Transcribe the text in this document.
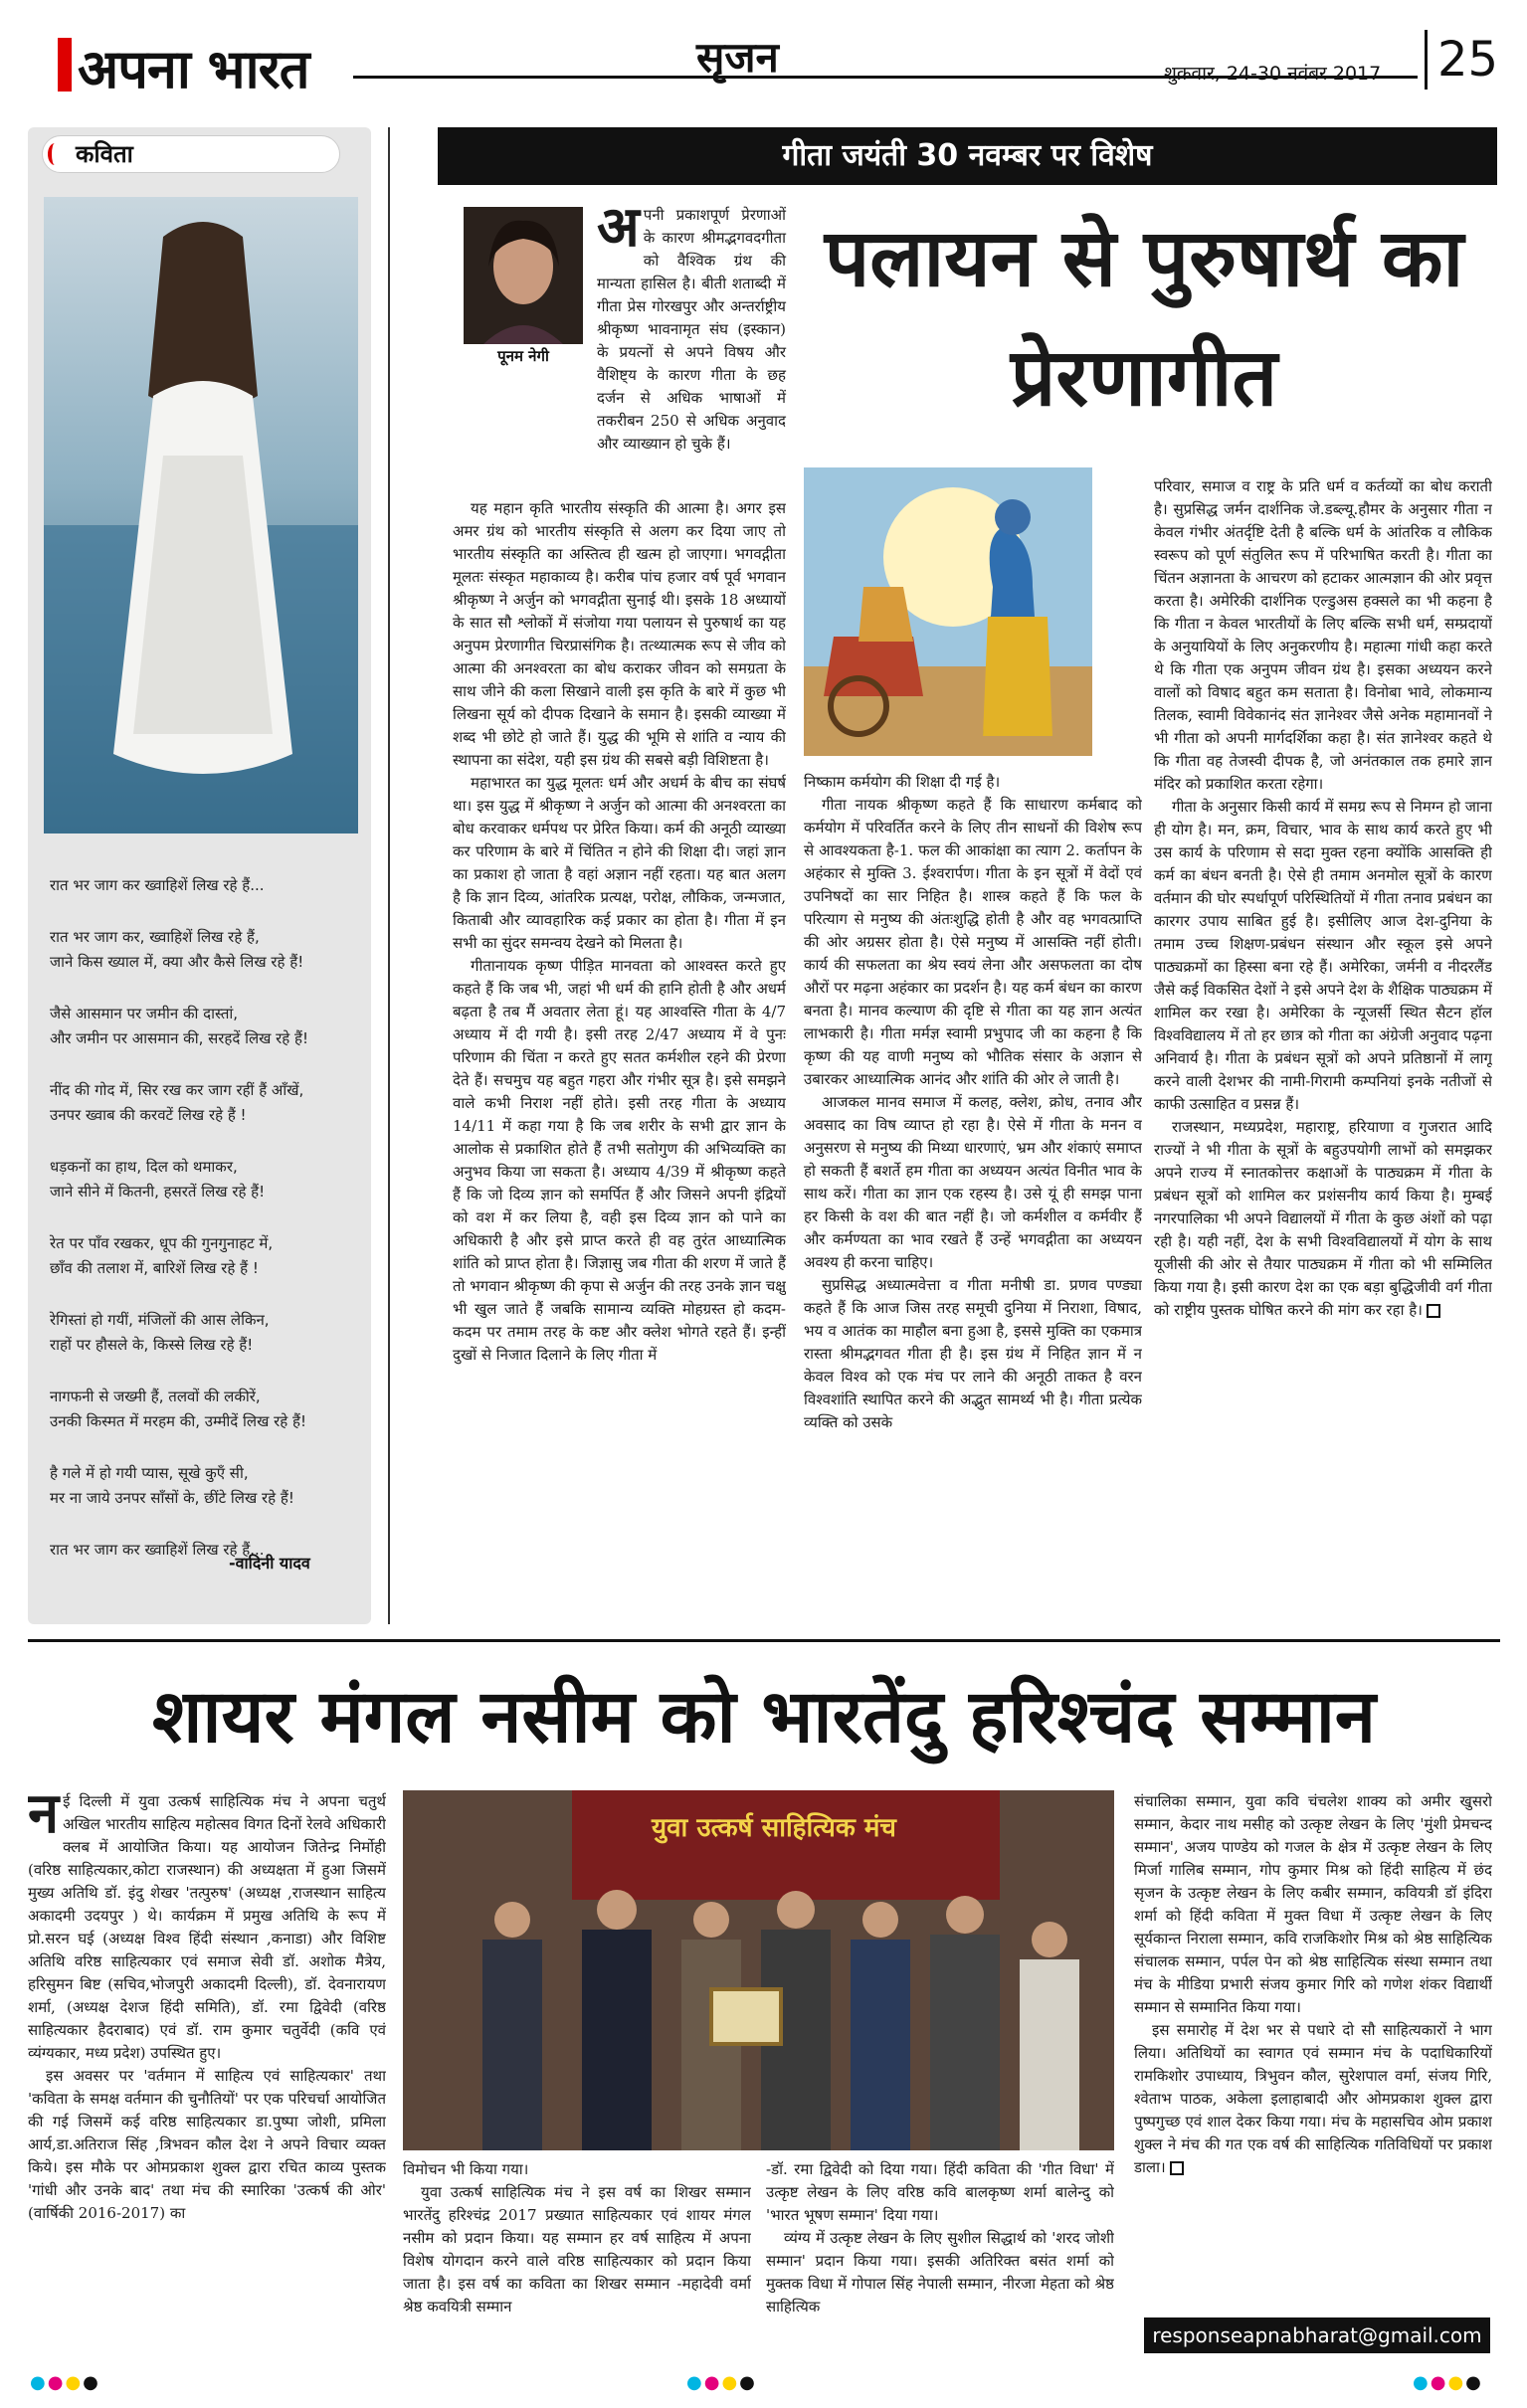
अपना भारत	सृजन	शुक्रवार, 24-30 नवंबर 2017 25
कविता

रात भर जाग कर ख्वाहिशें लिख रहे हैं...

रात भर जाग कर, ख्वाहिशें लिख रहे हैं,
जाने किस ख्याल में, क्या और कैसे लिख रहे हैं!

जैसे आसमान पर जमीन की दास्तां,
और जमीन पर आसमान की, सरहदें लिख रहे हैं!

नींद की गोद में, सिर रख कर जाग रहीं हैं आँखें,
उनपर ख्वाब की करवटें लिख रहे हैं !

धड़कनों का हाथ, दिल को थमाकर,
जाने सीने में कितनी, हसरतें लिख रहे हैं!

रेत पर पाँव रखकर, धूप की गुनगुनाहट में,
छाँव की तलाश में, बारिशें लिख रहे हैं !

रेगिस्तां हो गयीं, मंजिलों की आस लेकिन,
राहों पर हौसले के, किस्से लिख रहे हैं!

नागफनी से जख्मी हैं, तलवों की लकीरें,
उनकी किस्मत में मरहम की, उम्मीदें लिख रहे हैं!

है गले में हो गयी प्यास, सूखे कुएँ सी,
मर ना जाये उनपर साँसों के, छींटे लिख रहे हैं!

रात भर जाग कर ख्वाहिशें लिख रहे हैं...

-वादिनी यादव
गीता जयंती 30 नवम्बर पर विशेष
पूनम नेगी
पलायन से पुरुषार्थ का प्रेरणागीत
अपनी प्रकाशपूर्ण प्रेरणाओं के कारण श्रीमद्भगवदगीता को वैश्विक ग्रंथ की मान्यता हासिल है। बीती शताब्दी में गीता प्रेस गोरखपुर और अन्तर्राष्ट्रीय श्रीकृष्ण भावनामृत संघ (इस्कान) के प्रयत्नों से अपने विषय और वैशिष्ट्य के कारण गीता के छह दर्जन से अधिक भाषाओं में तकरीबन 250 से अधिक अनुवाद और व्याख्यान हो चुके हैं।

यह महान कृति भारतीय संस्कृति की आत्मा है। अगर इस अमर ग्रंथ को भारतीय संस्कृति से अलग कर दिया जाए तो भारतीय संस्कृति का अस्तित्व ही खत्म हो जाएगा। भगवद्गीता मूलतः संस्कृत महाकाव्य है। करीब पांच हजार वर्ष पूर्व भगवान श्रीकृष्ण ने अर्जुन को भगवद्गीता सुनाई थी। इसके 18 अध्यायों के सात सौ श्लोकों में संजोया गया पलायन से पुरुषार्थ का यह अनुपम प्रेरणागीत चिरप्रासंगिक है। तत्थ्यात्मक रूप से जीव को आत्मा की अनश्वरता का बोध कराकर जीवन को समग्रता के साथ जीने की कला सिखाने वाली इस कृति के बारे में कुछ भी लिखना सूर्य को दीपक दिखाने के समान है। इसकी व्याख्या में शब्द भी छोटे हो जाते हैं। युद्ध की भूमि से शांति व न्याय की स्थापना का संदेश, यही इस ग्रंथ की सबसे बड़ी विशिष्टता है।

महाभारत का युद्ध मूलतः धर्म और अधर्म के बीच का संघर्ष था। इस युद्ध में श्रीकृष्ण ने अर्जुन को आत्मा की अनश्वरता का बोध करवाकर धर्मपथ पर प्रेरित किया। कर्म की अनूठी व्याख्या कर परिणाम के बारे में चिंतित न होने की शिक्षा दी। जहां ज्ञान का प्रकाश हो जाता है वहां अज्ञान नहीं रहता। यह बात अलग है कि ज्ञान दिव्य, आंतरिक प्रत्यक्ष, परोक्ष, लौकिक, जन्मजात, किताबी और व्यावहारिक कई प्रकार का होता है। गीता में इन सभी का सुंदर समन्वय देखने को मिलता है।

गीतानायक कृष्ण पीड़ित मानवता को आश्वस्त करते हुए कहते हैं कि जब भी, जहां भी धर्म की हानि होती है और अधर्म बढ़ता है तब मैं अवतार लेता हूं। यह आश्वस्ति गीता के 4/7 अध्याय में दी गयी है। इसी तरह 2/47 अध्याय में वे पुनः परिणाम की चिंता न करते हुए सतत कर्मशील रहने की प्रेरणा देते हैं। सचमुच यह बहुत गहरा और गंभीर सूत्र है। इसे समझने वाले कभी निराश नहीं होते। इसी तरह गीता के अध्याय 14/11 में कहा गया है कि जब शरीर के सभी द्वार ज्ञान के आलोक से प्रकाशित होते हैं तभी सतोगुण की अभिव्यक्ति का अनुभव किया जा सकता है। अध्याय 4/39 में श्रीकृष्ण कहते हैं कि जो दिव्य ज्ञान को समर्पित हैं और जिसने अपनी इंद्रियों को वश में कर लिया है, वही इस दिव्य ज्ञान को पाने का अधिकारी है और इसे प्राप्त करते ही वह तुरंत आध्यात्मिक शांति को प्राप्त होता है। जिज्ञासु जब गीता की शरण में जाते हैं तो भगवान श्रीकृष्ण की कृपा से अर्जुन की तरह उनके ज्ञान चक्षु भी खुल जाते हैं जबकि सामान्य व्यक्ति मोहग्रस्त हो कदम-कदम पर तमाम तरह के कष्ट और क्लेश भोगते रहते हैं। इन्हीं दुखों से निजात दिलाने के लिए गीता में

निष्काम कर्मयोग की शिक्षा दी गई है।

गीता नायक श्रीकृष्ण कहते हैं कि साधारण कर्मबाद को कर्मयोग में परिवर्तित करने के लिए तीन साधनों की विशेष रूप से आवश्यकता है-1. फल की आकांक्षा का त्याग 2. कर्तापन के अहंकार से मुक्ति 3. ईश्वरार्पण। गीता के इन सूत्रों में वेदों एवं उपनिषदों का सार निहित है। शास्त्र कहते हैं कि फल के परित्याग से मनुष्य की अंतःशुद्धि होती है और वह भगवत्प्राप्ति की ओर अग्रसर होता है। ऐसे मनुष्य में आसक्ति नहीं होती। कार्य की सफलता का श्रेय स्वयं लेना और असफलता का दोष औरों पर मढ़ना अहंकार का प्रदर्शन है। यह कर्म बंधन का कारण बनता है। मानव कल्याण की दृष्टि से गीता का यह ज्ञान अत्यंत लाभकारी है। गीता मर्मज्ञ स्वामी प्रभुपाद जी का कहना है कि कृष्ण की यह वाणी मनुष्य को भौतिक संसार के अज्ञान से उबारकर आध्यात्मिक आनंद और शांति की ओर ले जाती है।

आजकल मानव समाज में कलह, क्लेश, क्रोध, तनाव और अवसाद का विष व्याप्त हो रहा है। ऐसे में गीता के मनन व अनुसरण से मनुष्य की मिथ्या धारणाएं, भ्रम और शंकाएं समाप्त हो सकती हैं बशर्ते हम गीता का अध्ययन अत्यंत विनीत भाव के साथ करें। गीता का ज्ञान एक रहस्य है। उसे यूं ही समझ पाना हर किसी के वश की बात नहीं है। जो कर्मशील व कर्मवीर हैं और कर्मण्यता का भाव रखते हैं उन्हें भगवद्गीता का अध्ययन अवश्य ही करना चाहिए।

सुप्रसिद्ध अध्यात्मवेत्ता व गीता मनीषी डा. प्रणव पण्ड्या कहते हैं कि आज जिस तरह समूची दुनिया में निराशा, विषाद, भय व आतंक का माहौल बना हुआ है, इससे मुक्ति का एकमात्र रास्ता श्रीमद्भगवत गीता ही है। इस ग्रंथ में निहित ज्ञान में न केवल विश्व को एक मंच पर लाने की अनूठी ताकत है वरन विश्वशांति स्थापित करने की अद्भुत सामर्थ्य भी है। गीता प्रत्येक व्यक्ति को उसके

परिवार, समाज व राष्ट्र के प्रति धर्म व कर्तव्यों का बोध कराती है। सुप्रसिद्ध जर्मन दार्शनिक जे.डब्ल्यू.हौमर के अनुसार गीता न केवल गंभीर अंतर्दृष्टि देती है बल्कि धर्म के आंतरिक व लौकिक स्वरूप को पूर्ण संतुलित रूप में परिभाषित करती है। गीता का चिंतन अज्ञानता के आचरण को हटाकर आत्मज्ञान की ओर प्रवृत्त करता है। अमेरिकी दार्शनिक एल्डुअस हक्सले का भी कहना है कि गीता न केवल भारतीयों के लिए बल्कि सभी धर्म, सम्प्रदायों के अनुयायियों के लिए अनुकरणीय है। महात्मा गांधी कहा करते थे कि गीता एक अनुपम जीवन ग्रंथ है। इसका अध्ययन करने वालों को विषाद बहुत कम सताता है। विनोबा भावे, लोकमान्य तिलक, स्वामी विवेकानंद संत ज्ञानेश्वर जैसे अनेक महामानवों ने भी गीता को अपनी मार्गदर्शिका कहा है। संत ज्ञानेश्वर कहते थे कि गीता वह तेजस्वी दीपक है, जो अनंतकाल तक हमारे ज्ञान मंदिर को प्रकाशित करता रहेगा।

गीता के अनुसार किसी कार्य में समग्र रूप से निमग्न हो जाना ही योग है। मन, क्रम, विचार, भाव के साथ कार्य करते हुए भी उस कार्य के परिणाम से सदा मुक्त रहना क्योंकि आसक्ति ही कर्म का बंधन बनती है। ऐसे ही तमाम अनमोल सूत्रों के कारण वर्तमान की घोर स्पर्धापूर्ण परिस्थितियों में गीता तनाव प्रबंधन का कारगर उपाय साबित हुई है। इसीलिए आज देश-दुनिया के तमाम उच्च शिक्षण-प्रबंधन संस्थान और स्कूल इसे अपने पाठ्यक्रमों का हिस्सा बना रहे हैं। अमेरिका, जर्मनी व नीदरलैंड जैसे कई विकसित देशों ने इसे अपने देश के शैक्षिक पाठ्यक्रम में शामिल कर रखा है। अमेरिका के न्यूजर्सी स्थित सैटन हॉल विश्वविद्यालय में तो हर छात्र को गीता का अंग्रेजी अनुवाद पढ़ना अनिवार्य है। गीता के प्रबंधन सूत्रों को अपने प्रतिष्ठानों में लागू करने वाली देशभर की नामी-गिरामी कम्पनियां इनके नतीजों से काफी उत्साहित व प्रसन्न हैं।

राजस्थान, मध्यप्रदेश, महाराष्ट्र, हरियाणा व गुजरात आदि राज्यों ने भी गीता के सूत्रों के बहुउपयोगी लाभों को समझकर अपने राज्य में स्नातकोत्तर कक्षाओं के पाठ्यक्रम में गीता के प्रबंधन सूत्रों को शामिल कर प्रशंसनीय कार्य किया है। मुम्बई नगरपालिका भी अपने विद्यालयों में गीता के कुछ अंशों को पढ़ा रही है। यही नहीं, देश के सभी विश्वविद्यालयों में योग के साथ यूजीसी की ओर से तैयार पाठ्यक्रम में गीता को भी सम्मिलित किया गया है। इसी कारण देश का एक बड़ा बुद्धिजीवी वर्ग गीता को राष्ट्रीय पुस्तक घोषित करने की मांग कर रहा है।

शायर मंगल नसीम को भारतेंदु हरिश्चंद सम्मान

नई दिल्ली में युवा उत्कर्ष साहित्यिक मंच ने अपना चतुर्थ अखिल भारतीय साहित्य महोत्सव विगत दिनों रेलवे अधिकारी क्लब में आयोजित किया। यह आयोजन जितेन्द्र निर्मोही (वरिष्ठ साहित्यकार,कोटा राजस्थान) की अध्यक्षता में हुआ जिसमें मुख्य अतिथि डॉ. इंदु शेखर 'तत्पुरुष' (अध्यक्ष ,राजस्थान साहित्य अकादमी उदयपुर ) थे। कार्यक्रम में प्रमुख अतिथि के रूप में प्रो.सरन घई (अध्यक्ष विश्व हिंदी संस्थान ,कनाडा) और विशिष्ट अतिथि वरिष्ठ साहित्यकार एवं समाज सेवी डॉ. अशोक मैत्रेय, हरिसुमन बिष्ट (सचिव,भोजपुरी अकादमी दिल्ली), डॉ. देवनारायण शर्मा, (अध्यक्ष देशज हिंदी समिति), डॉ. रमा द्विवेदी (वरिष्ठ साहित्यकार हैदराबाद) एवं डॉ. राम कुमार चतुर्वेदी (कवि एवं व्यंग्यकार, मध्य प्रदेश) उपस्थित हुए।

इस अवसर पर 'वर्तमान में साहित्य एवं साहित्यकार' तथा 'कविता के समक्ष वर्तमान की चुनौतियों' पर एक परिचर्चा आयोजित की गई जिसमें कई वरिष्ठ साहित्यकार डा.पुष्पा जोशी, प्रमिला आर्य,डा.अतिराज सिंह ,त्रिभवन कौल देश ने अपने विचार व्यक्त किये। इस मौके पर ओमप्रकाश शुक्ल द्वारा रचित काव्य पुस्तक 'गांधी और उनके बाद' तथा मंच की स्मारिका 'उत्कर्ष की ओर' (वार्षिकी 2016-2017) का

युवा उत्कर्ष साहित्यिक मंच

विमोचन भी किया गया।

युवा उत्कर्ष साहित्यिक मंच ने इस वर्ष का शिखर सम्मान भारतेंदु हरिश्चंद्र 2017 प्रख्यात साहित्यकार एवं शायर मंगल नसीम को प्रदान किया। यह सम्मान हर वर्ष साहित्य में अपना विशेष योगदान करने वाले वरिष्ठ साहित्यकार को प्रदान किया जाता है। इस वर्ष का कविता का शिखर सम्मान -महादेवी वर्मा श्रेष्ठ कवयित्री सम्मान

-डॉ. रमा द्विवेदी को दिया गया। हिंदी कविता की 'गीत विधा' में उत्कृष्ट लेखन के लिए वरिष्ठ कवि बालकृष्ण शर्मा बालेन्दु को 'भारत भूषण सम्मान' दिया गया।

व्यंग्य में उत्कृष्ट लेखन के लिए सुशील सिद्धार्थ को 'शरद जोशी सम्मान' प्रदान किया गया। इसकी अतिरिक्त बसंत शर्मा को मुक्तक विधा में गोपाल सिंह नेपाली सम्मान, नीरजा मेहता को श्रेष्ठ साहित्यिक

संचालिका सम्मान, युवा कवि चंचलेश शाक्य को अमीर खुसरो सम्मान, केदार नाथ मसीह को उत्कृष्ट लेखन के लिए 'मुंशी प्रेमचन्द सम्मान', अजय पाण्डेय को गजल के क्षेत्र में उत्कृष्ट लेखन के लिए मिर्जा गालिब सम्मान, गोप कुमार मिश्र को हिंदी साहित्य में छंद सृजन के उत्कृष्ट लेखन के लिए कबीर सम्मान, कवियत्री डॉ इंदिरा शर्मा को हिंदी कविता में मुक्त विधा में उत्कृष्ट लेखन के लिए सूर्यकान्त निराला सम्मान, कवि राजकिशोर मिश्र को श्रेष्ठ साहित्यिक संचालक सम्मान, पर्पल पेन को श्रेष्ठ साहित्यिक संस्था सम्मान तथा मंच के मीडिया प्रभारी संजय कुमार गिरि को गणेश शंकर विद्यार्थी सम्मान से सम्मानित किया गया।

इस समारोह में देश भर से पधारे दो सौ साहित्यकारों ने भाग लिया। अतिथियों का स्वागत एवं सम्मान मंच के पदाधिकारियों रामकिशोर उपाध्याय, त्रिभुवन कौल, सुरेशपाल वर्मा, संजय गिरि, श्वेताभ पाठक, अकेला इलाहाबादी और ओमप्रकाश शुक्ल द्वारा पुष्पगुच्छ एवं शाल देकर किया गया। मंच के महासचिव ओम प्रकाश शुक्ल ने मंच की गत एक वर्ष की साहित्यिक गतिविधियों पर प्रकाश डाला।

responseapnabharat@gmail.com
●●●●	●●●●	●●●●
